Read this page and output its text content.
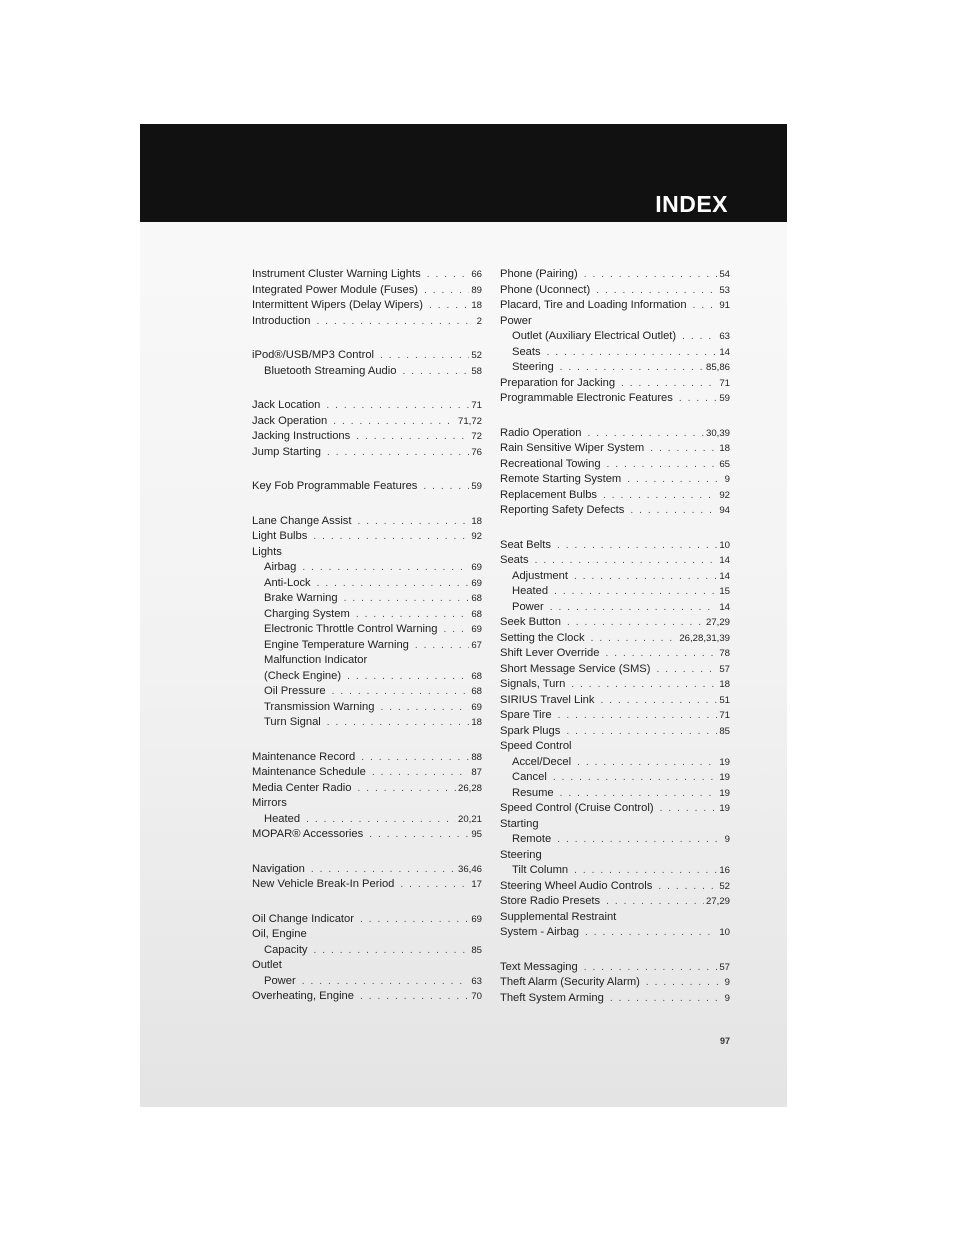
INDEX
Instrument Cluster Warning Lights . . .	66
Integrated Power Module (Fuses) . . .	89
Intermittent Wipers (Delay Wipers) . . .	18
Introduction . . .	2
iPod®/USB/MP3 Control . . .	52
Bluetooth Streaming Audio . . .	58
Jack Location . . .	71
Jack Operation . . .	71,72
Jacking Instructions . . .	72
Jump Starting . . .	76
Key Fob Programmable Features . . .	59
Lane Change Assist . . .	18
Light Bulbs . . .	92
Lights
Airbag . . .	69
Anti-Lock . . .	69
Brake Warning . . .	68
Charging System . . .	68
Electronic Throttle Control Warning . . .	69
Engine Temperature Warning . . .	67
Malfunction Indicator
(Check Engine) . . .	68
Oil Pressure . . .	68
Transmission Warning . . .	69
Turn Signal . . .	18
Maintenance Record . . .	88
Maintenance Schedule . . .	87
Media Center Radio . . .	26,28
Mirrors
Heated . . .	20,21
MOPAR® Accessories . . .	95
Navigation . . .	36,46
New Vehicle Break-In Period . . .	17
Oil Change Indicator . . .	69
Oil, Engine
Capacity . . .	85
Outlet
Power . . .	63
Overheating, Engine . . .	70
Phone (Pairing) . . .	54
Phone (Uconnect) . . .	53
Placard, Tire and Loading Information . . .	91
Power
Outlet (Auxiliary Electrical Outlet) . . .	63
Seats . . .	14
Steering . . .	85,86
Preparation for Jacking . . .	71
Programmable Electronic Features . . .	59
Radio Operation . . .	30,39
Rain Sensitive Wiper System . . .	18
Recreational Towing . . .	65
Remote Starting System . . .	9
Replacement Bulbs . . .	92
Reporting Safety Defects . . .	94
Seat Belts . . .	10
Seats . . .	14
Adjustment . . .	14
Heated . . .	15
Power . . .	14
Seek Button . . .	27,29
Setting the Clock . . .	26,28,31,39
Shift Lever Override . . .	78
Short Message Service (SMS) . . .	57
Signals, Turn . . .	18
SIRIUS Travel Link . . .	51
Spare Tire . . .	71
Spark Plugs . . .	85
Speed Control
Accel/Decel . . .	19
Cancel . . .	19
Resume . . .	19
Speed Control (Cruise Control) . . .	19
Starting
Remote . . .	9
Steering
Tilt Column . . .	16
Steering Wheel Audio Controls . . .	52
Store Radio Presets . . .	27,29
Supplemental Restraint
System - Airbag . . .	10
Text Messaging . . .	57
Theft Alarm (Security Alarm) . . .	9
Theft System Arming . . .	9
97
